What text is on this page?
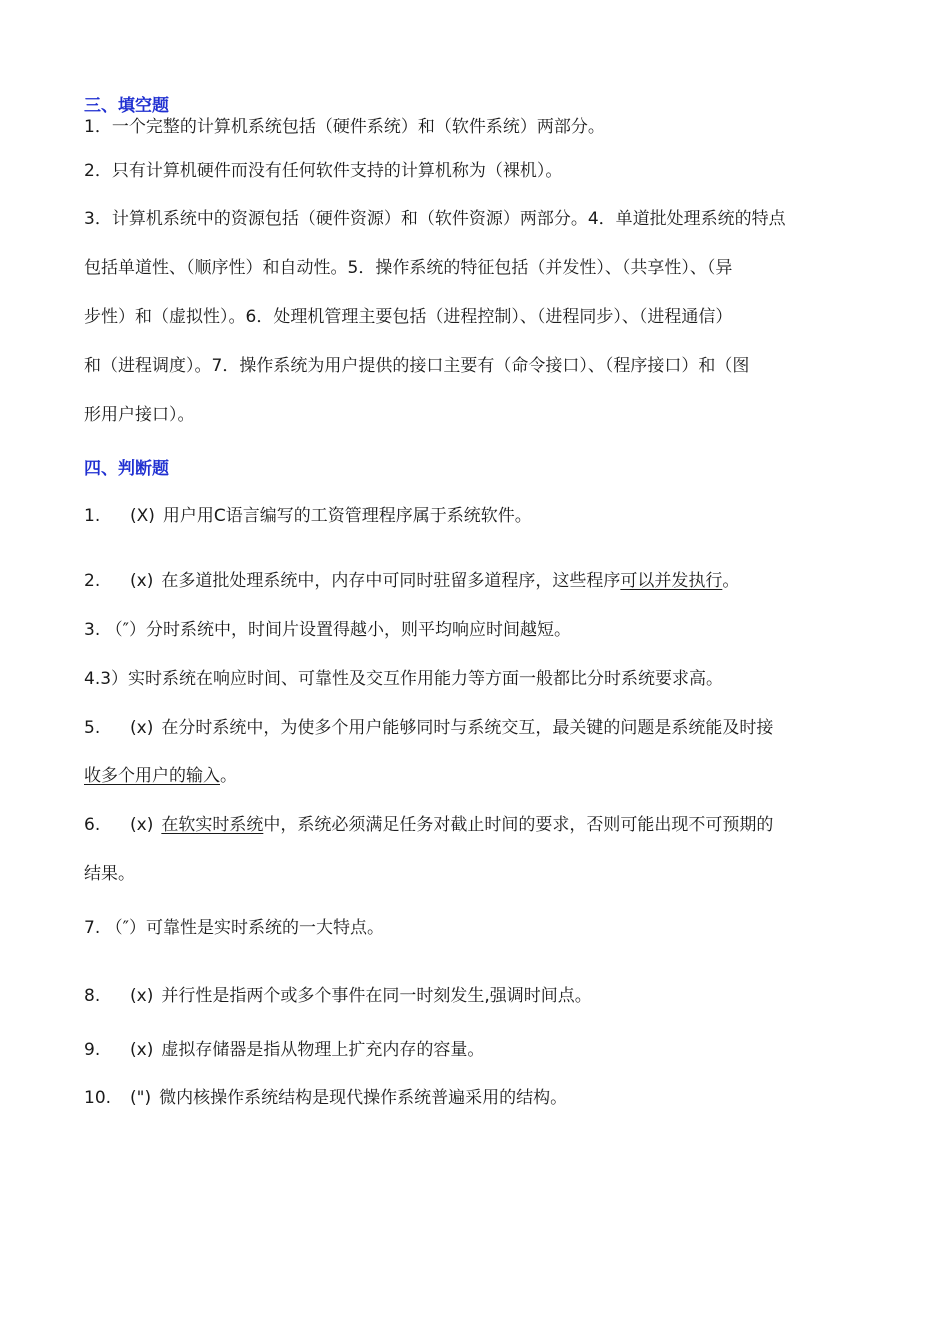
三、填空题
1．一个完整的计算机系统包括（硬件系统）和（软件系统）两部分。
2．只有计算机硬件而没有任何软件支持的计算机称为（裸机）。
3．计算机系统中的资源包括（硬件资源）和（软件资源）两部分。4．单道批处理系统的特点
包括单道性、（顺序性）和自动性。5．操作系统的特征包括（并发性）、（共享性）、（异
步性）和（虚拟性）。6．处理机管理主要包括（进程控制）、（进程同步）、（进程通信）
和（进程调度）。7．操作系统为用户提供的接口主要有（命令接口）、（程序接口）和（图
形用户接口）。
四、判断题
1. (X) 用户用C语言编写的工资管理程序属于系统软件。
2. (x) 在多道批处理系统中，内存中可同时驻留多道程序，这些程序可以并发执行。
3. （″）分时系统中，时间片设置得越小，则平均响应时间越短。
4.3）实时系统在响应时间、可靠性及交互作用能力等方面一般都比分时系统要求高。
5. (x) 在分时系统中，为使多个用户能够同时与系统交互，最关键的问题是系统能及时接
收多个用户的输入。
6. (x) 在软实时系统中，系统必须满足任务对截止时间的要求，否则可能出现不可预期的
结果。
7. （″）可靠性是实时系统的一大特点。
8. (x) 并行性是指两个或多个事件在同一时刻发生,强调时间点。
9. (x) 虚拟存储器是指从物理上扩充内存的容量。
10. (") 微内核操作系统结构是现代操作系统普遍采用的结构。
